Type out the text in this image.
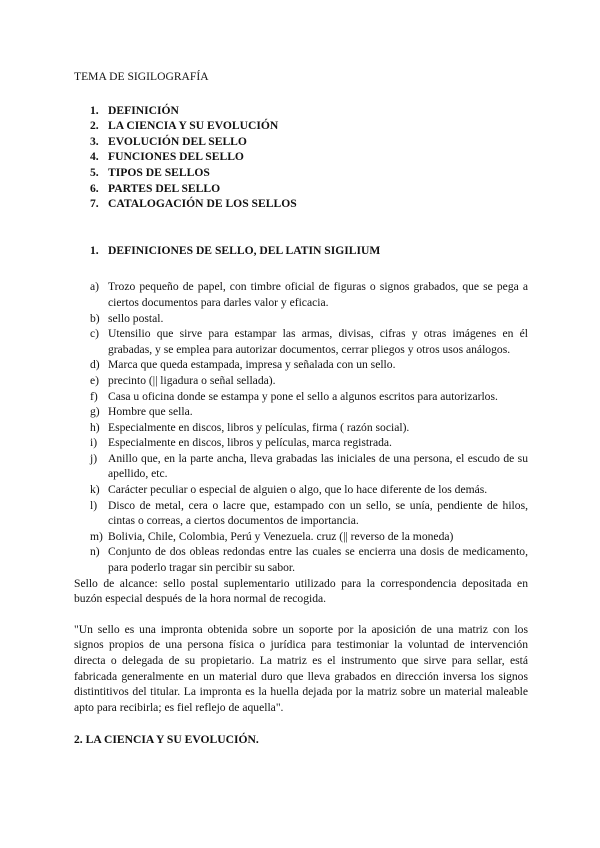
TEMA DE SIGILOGRAFÍA

1. DEFINICIÓN
2. LA CIENCIA Y SU EVOLUCIÓN
3. EVOLUCIÓN DEL SELLO
4. FUNCIONES DEL SELLO
5. TIPOS DE SELLOS
6. PARTES DEL SELLO
7. CATALOGACIÓN DE LOS SELLOS
1. DEFINICIONES DE SELLO, DEL LATIN SIGILIUM
a) Trozo pequeño de papel, con timbre oficial de figuras o signos grabados, que se pega a ciertos documentos para darles valor y eficacia.
b) sello postal.
c) Utensilio que sirve para estampar las armas, divisas, cifras y otras imágenes en él grabadas, y se emplea para autorizar documentos, cerrar pliegos y otros usos análogos.
d) Marca que queda estampada, impresa y señalada con un sello.
e) precinto (|| ligadura o señal sellada).
f) Casa u oficina donde se estampa y pone el sello a algunos escritos para autorizarlos.
g) Hombre que sella.
h) Especialmente en discos, libros y películas, firma ( razón social).
i) Especialmente en discos, libros y películas, marca registrada.
j) Anillo que, en la parte ancha, lleva grabadas las iniciales de una persona, el escudo de su apellido, etc.
k) Carácter peculiar o especial de alguien o algo, que lo hace diferente de los demás.
l) Disco de metal, cera o lacre que, estampado con un sello, se unía, pendiente de hilos, cintas o correas, a ciertos documentos de importancia.
m) Bolivia, Chile, Colombia, Perú y Venezuela. cruz (|| reverso de la moneda)
n) Conjunto de dos obleas redondas entre las cuales se encierra una dosis de medicamento, para poderlo tragar sin percibir su sabor.

Sello de alcance: sello postal suplementario utilizado para la correspondencia depositada en buzón especial después de la hora normal de recogida.

"Un sello es una impronta obtenida sobre un soporte por la aposición de una matriz con los signos propios de una persona física o jurídica para testimoniar la voluntad de intervención directa o delegada de su propietario. La matriz es el instrumento que sirve para sellar, está fabricada generalmente en un material duro que lleva grabados en dirección inversa los signos distintitivos del titular. La impronta es la huella dejada por la matriz sobre un material maleable apto para recibirla; es fiel reflejo de aquella".

2. LA CIENCIA Y SU EVOLUCIÓN.
